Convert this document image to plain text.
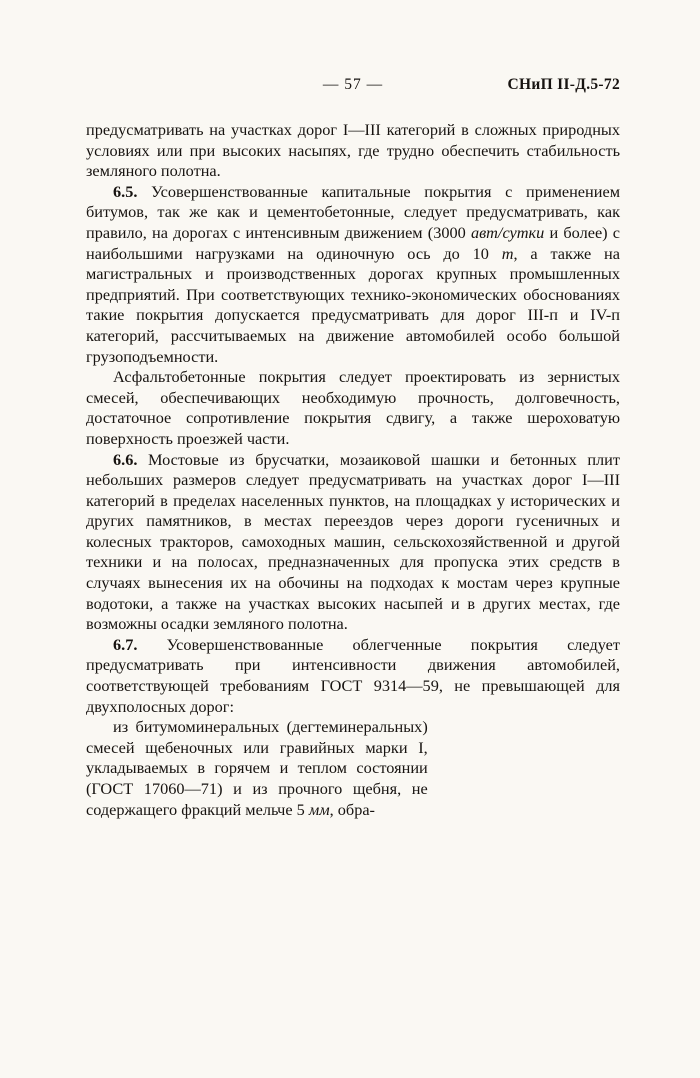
— 57 —	СНиП II-Д.5-72

предусматривать на участках дорог I—III категорий в сложных природных условиях или при высоких насыпях, где трудно обеспечить стабильность земляного полотна.

6.5. Усовершенствованные капитальные покрытия с применением битумов, так же как и цементобетонные, следует предусматривать, как правило, на дорогах с интенсивным движением (3000 авт/сутки и более) с наибольшими нагрузками на одиночную ось до 10 т, а также на магистральных и производственных дорогах крупных промышленных предприятий. При соответствующих технико-экономических обоснованиях такие покрытия допускается предусматривать для дорог III-п и IV-п категорий, рассчитываемых на движение автомобилей особо большой грузоподъемности.

Асфальтобетонные покрытия следует проектировать из зернистых смесей, обеспечивающих необходимую прочность, долговечность, достаточное сопротивление покрытия сдвигу, а также шероховатую поверхность проезжей части.

6.6. Мостовые из брусчатки, мозаиковой шашки и бетонных плит небольших размеров следует предусматривать на участках дорог I—III категорий в пределах населенных пунктов, на площадках у исторических и других памятников, в местах переездов через дороги гусеничных и колесных тракторов, самоходных машин, сельскохозяйственной и другой техники и на полосах, предназначенных для пропуска этих средств в случаях вынесения их на обочины на подходах к мостам через крупные водотоки, а также на участках высоких насыпей и в других местах, где возможны осадки земляного полотна.

6.7. Усовершенствованные облегченные покрытия следует предусматривать при интенсивности движения автомобилей, соответствующей требованиям ГОСТ 9314—59, не превышающей для двухполосных дорог:

из битумоминеральных (дегтеминеральных) смесей щебеночных или гравийных марки I, укладываемых в горячем и теплом состоянии (ГОСТ 17060—71) и из прочного щебня, не содержащего фракций мельче 5 мм, обра-
